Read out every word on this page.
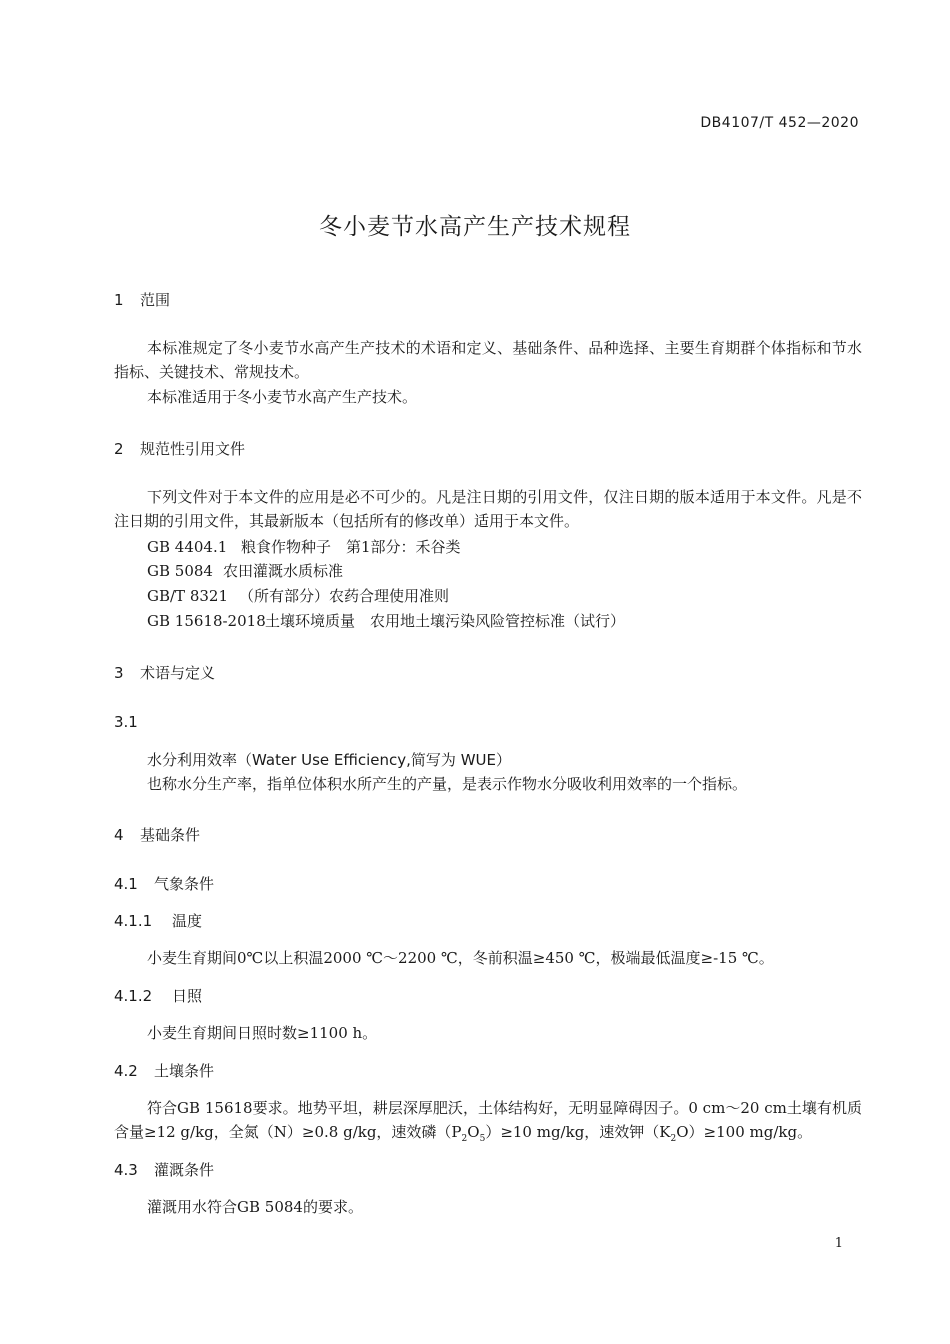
DB4107/T 452—2020
冬小麦节水高产生产技术规程
1 范围
本标准规定了冬小麦节水高产生产技术的术语和定义、基础条件、品种选择、主要生育期群个体指标和节水指标、关键技术、常规技术。
本标准适用于冬小麦节水高产生产技术。
2 规范性引用文件
下列文件对于本文件的应用是必不可少的。凡是注日期的引用文件，仅注日期的版本适用于本文件。凡是不注日期的引用文件，其最新版本（包括所有的修改单）适用于本文件。
GB 4404.1 粮食作物种子　第1部分：禾谷类
GB 5084 农田灌溉水质标准
GB/T 8321 （所有部分）农药合理使用准则
GB 15618-2018土壤环境质量　农用地土壤污染风险管控标准（试行）
3 术语与定义
3.1
水分利用效率（Water Use Efficiency,简写为 WUE）
也称水分生产率，指单位体积水所产生的产量，是表示作物水分吸收利用效率的一个指标。
4 基础条件
4.1 气象条件
4.1.1 温度
小麦生育期间0℃以上积温2000 ℃～2200 ℃，冬前积温≥450 ℃，极端最低温度≥-15 ℃。
4.1.2 日照
小麦生育期间日照时数≥1100 h。
4.2 土壤条件
符合GB 15618要求。地势平坦，耕层深厚肥沃，土体结构好，无明显障碍因子。0 cm～20 cm土壤有机质含量≥12 g/kg，全氮（N）≥0.8 g/kg，速效磷$(P_2O_5)\ge 10$ mg/kg，速效钾$(K_2O)\ge 100$ mg/kg。
4.3 灌溉条件
灌溉用水符合GB 5084的要求。
1
